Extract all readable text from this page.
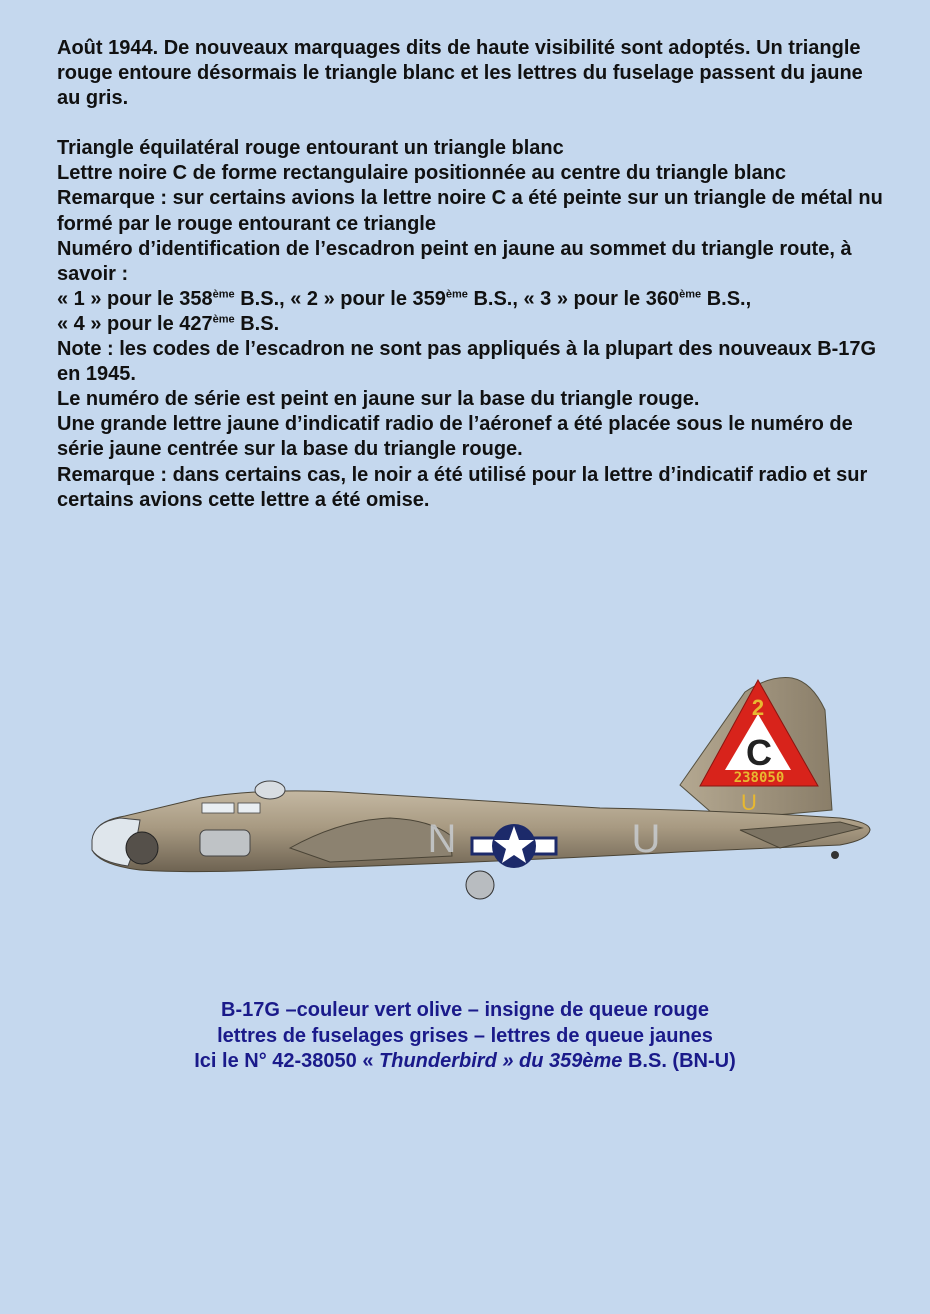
Août 1944. De nouveaux marquages dits de haute visibilité sont adoptés. Un triangle rouge entoure désormais le triangle blanc et les lettres du fuselage passent du jaune au gris.

Triangle équilatéral rouge entourant un triangle blanc

Lettre noire C de forme rectangulaire positionnée au centre du triangle blanc

Remarque : sur certains avions la lettre noire C a été peinte sur un triangle de métal nu formé par le rouge entourant ce triangle

Numéro d’identification de l’escadron peint en jaune au sommet du triangle route, à savoir :

« 1 » pour le 358ème B.S., « 2 » pour le 359ème B.S., « 3 » pour le 360ème B.S.,

« 4 » pour le 427ème B.S.

Note : les codes de l’escadron ne sont pas appliqués à la plupart des nouveaux B-17G en 1945.

Le numéro de série est peint en jaune sur la base du triangle rouge.

Une grande lettre jaune d’indicatif radio de l’aéronef a été placée sous le numéro de série jaune centrée sur la base du triangle rouge.

Remarque : dans certains cas, le noir a été utilisé pour la lettre d’indicatif radio et sur certains avions cette lettre a été omise.

2
C
238050
U
N	U

B-17G –couleur vert olive – insigne de queue rouge

lettres de fuselages grises – lettres de queue jaunes

Ici le N° 42-38050 « Thunderbird » du 359ème B.S. (BN-U)
